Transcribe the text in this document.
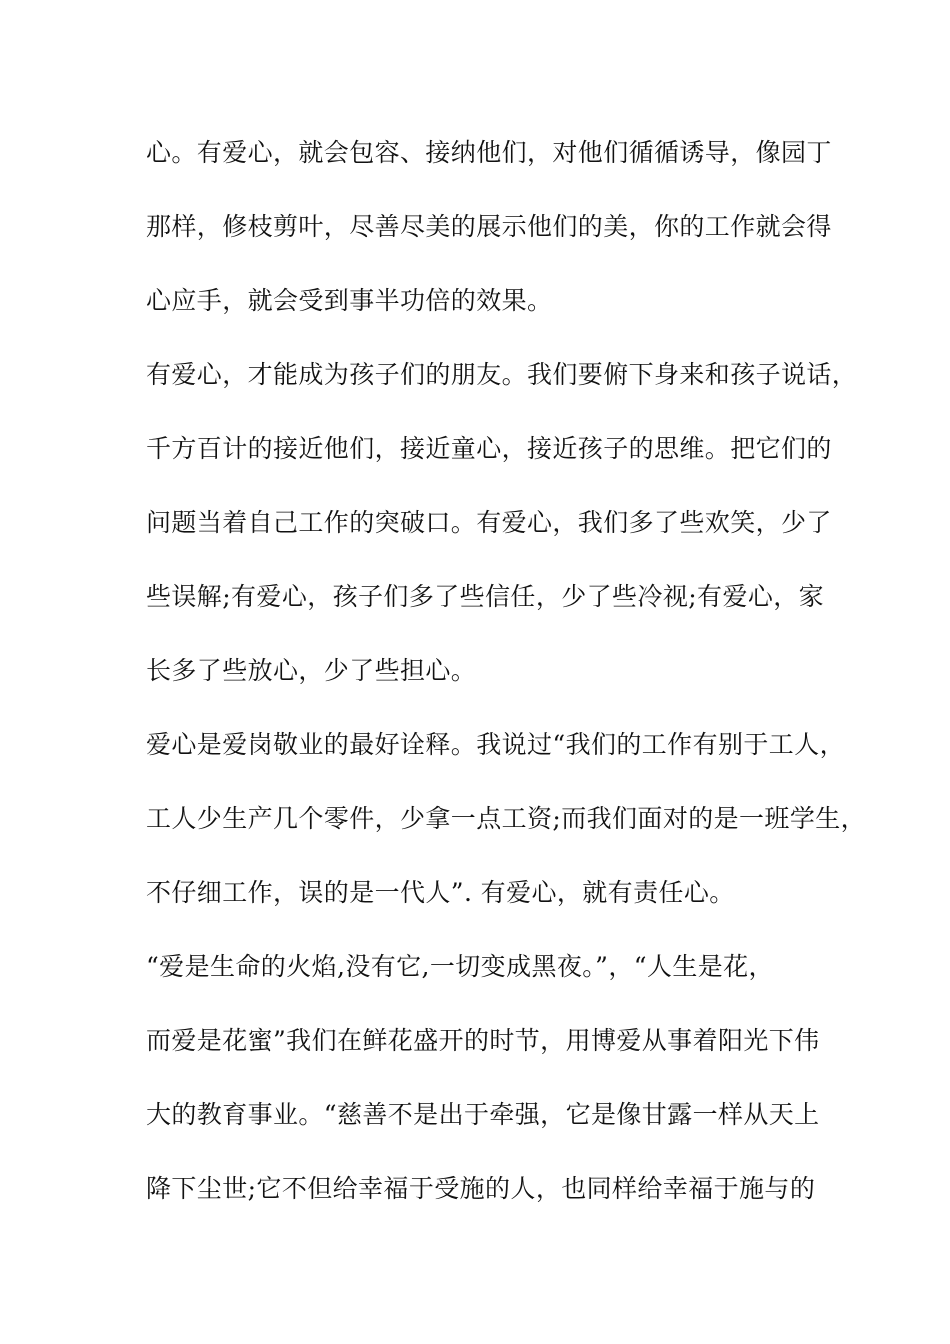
心。有爱心，就会包容、接纳他们，对他们循循诱导，像园丁
那样，修枝剪叶，尽善尽美的展示他们的美，你的工作就会得
心应手，就会受到事半功倍的效果。
有爱心，才能成为孩子们的朋友。我们要俯下身来和孩子说话，
千方百计的接近他们，接近童心，接近孩子的思维。把它们的
问题当着自己工作的突破口。有爱心，我们多了些欢笑，少了
些误解;有爱心，孩子们多了些信任，少了些冷视;有爱心，家
长多了些放心，少了些担心。
爱心是爱岗敬业的最好诠释。我说过“我们的工作有别于工人，
工人少生产几个零件，少拿一点工资;而我们面对的是一班学生，
不仔细工作，误的是一代人”. 有爱心，就有责任心。
“爱是生命的火焰,没有它,一切变成黑夜。”，“人生是花，
而爱是花蜜”我们在鲜花盛开的时节，用博爱从事着阳光下伟
大的教育事业。“慈善不是出于牵强，它是像甘露一样从天上
降下尘世;它不但给幸福于受施的人，也同样给幸福于施与的
